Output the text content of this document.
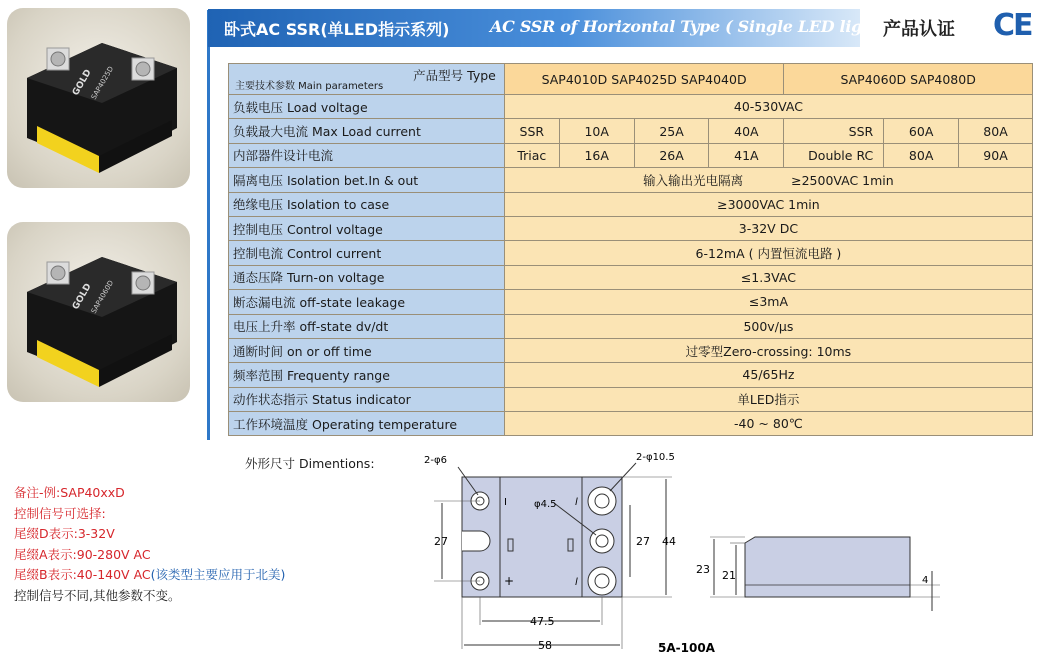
GOLD
SAP4025D
GOLD
SAP4060D
卧式AC SSR(单LED指示系列)	AC SSR of Horizontal Type ( Single LED light)
产品认证 CE
产品型号 Type
主要技术参数 Main parameters	SAP4010D SAP4025D SAP4040D				SAP4060D SAP4080D		
负载电压 Load voltage	40-530VAC						
负载最大电流 Max Load current	SSR	10A	25A	40A	SSR	60A	80A
内部器件设计电流	Triac	16A	26A	41A	Double RC	80A	90A
隔离电压 Isolation bet.In & out	输入输出光电隔离 ≥2500VAC 1min						
绝缘电压 Isolation to case	≥3000VAC 1min						
控制电压 Control voltage	3-32V DC						
控制电流 Control current	6-12mA ( 内置恒流电路 )						
通态压降 Turn-on voltage	≤1.3VAC						
断态漏电流 off-state leakage	≤3mA						
电压上升率 off-state dv/dt	500v/μs						
通断时间 on or off time	过零型Zero-crossing: 10ms						
频率范围 Frequenty range	45/65Hz						
动作状态指示 Status indicator	单LED指示						
工作环境温度 Operating temperature	-40 ~ 80℃						
备注-例:SAP40xxD
控制信号可选择:
尾缀D表示:3-32V
尾缀A表示:90-280V AC
尾缀B表示:40-140V AC(该类型主要应用于北美)
控制信号不同,其他参数不变。
外形尺寸 Dimentions:
I
+
l
l
2-φ6	2-φ10.5
φ4.5
27	27 44
47.5
58
23 21	4
5A-100A
